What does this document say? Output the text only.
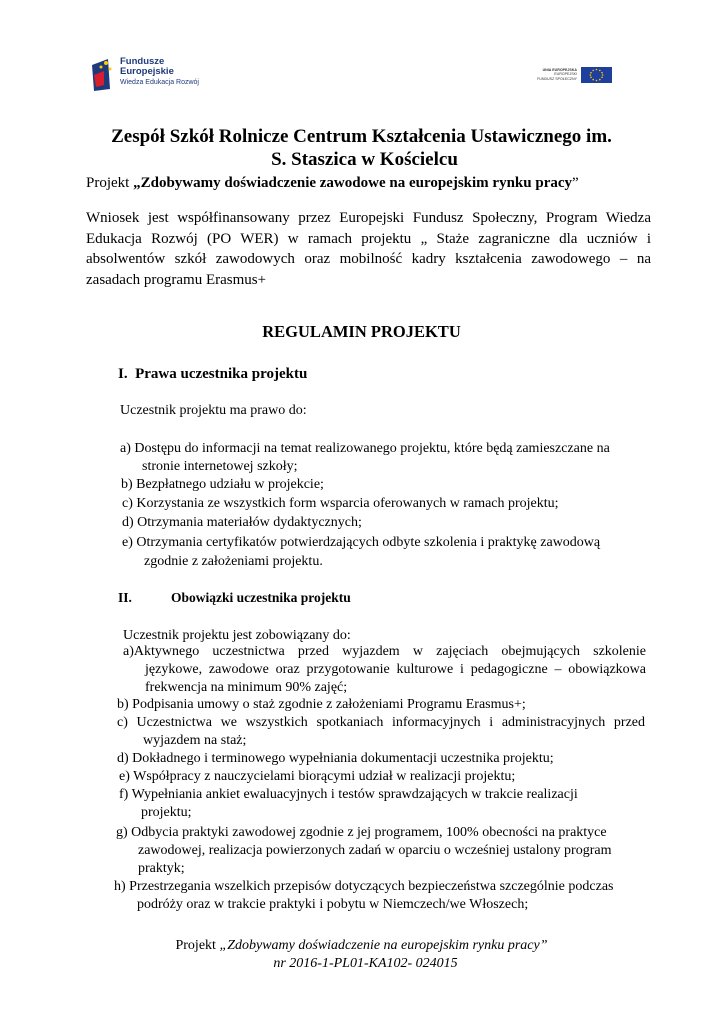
Fundusze
Europejskie
Wiedza Edukacja Rozwój
UNIA EUROPEJSKA
EUROPEJSKI
FUNDUSZ SPOŁECZNY
Zespół Szkół Rolnicze Centrum Kształcenia Ustawicznego im.
S. Staszica w Kościelcu
Projekt „Zdobywamy doświadczenie zawodowe na europejskim rynku pracy”
Wniosek jest współfinansowany przez Europejski Fundusz Społeczny, Program Wiedza
Edukacja Rozwój (PO WER) w ramach projektu „ Staże zagraniczne dla uczniów i
absolwentów szkół zawodowych oraz mobilność kadry kształcenia zawodowego – na
zasadach programu Erasmus+
REGULAMIN PROJEKTU
I. Prawa uczestnika projektu
Uczestnik projektu ma prawo do:
a) Dostępu do informacji na temat realizowanego projektu, które będą zamieszczane na
stronie internetowej szkoły;
b) Bezpłatnego udziału w projekcie;
c) Korzystania ze wszystkich form wsparcia oferowanych w ramach projektu;
d) Otrzymania materiałów dydaktycznych;
e) Otrzymania certyfikatów potwierdzających odbyte szkolenia i praktykę zawodową
zgodnie z założeniami projektu.
II.	Obowiązki uczestnika projektu
Uczestnik projektu jest zobowiązany do:
a)Aktywnego uczestnictwa przed wyjazdem w zajęciach obejmujących szkolenie
językowe, zawodowe oraz przygotowanie kulturowe i pedagogiczne – obowiązkowa
frekwencja na minimum 90% zajęć;
b) Podpisania umowy o staż zgodnie z założeniami Programu Erasmus+;
c) Uczestnictwa we wszystkich spotkaniach informacyjnych i administracyjnych przed
wyjazdem na staż;
d) Dokładnego i terminowego wypełniania dokumentacji uczestnika projektu;
e) Współpracy z nauczycielami biorącymi udział w realizacji projektu;
f) Wypełniania ankiet ewaluacyjnych i testów sprawdzających w trakcie realizacji
projektu;
g) Odbycia praktyki zawodowej zgodnie z jej programem, 100% obecności na praktyce
zawodowej, realizacja powierzonych zadań w oparciu o wcześniej ustalony program
praktyk;
h) Przestrzegania wszelkich przepisów dotyczących bezpieczeństwa szczególnie podczas
podróży oraz w trakcie praktyki i pobytu w Niemczech/we Włoszech;
Projekt „Zdobywamy doświadczenie na europejskim rynku pracy”
nr 2016-1-PL01-KA102- 024015
